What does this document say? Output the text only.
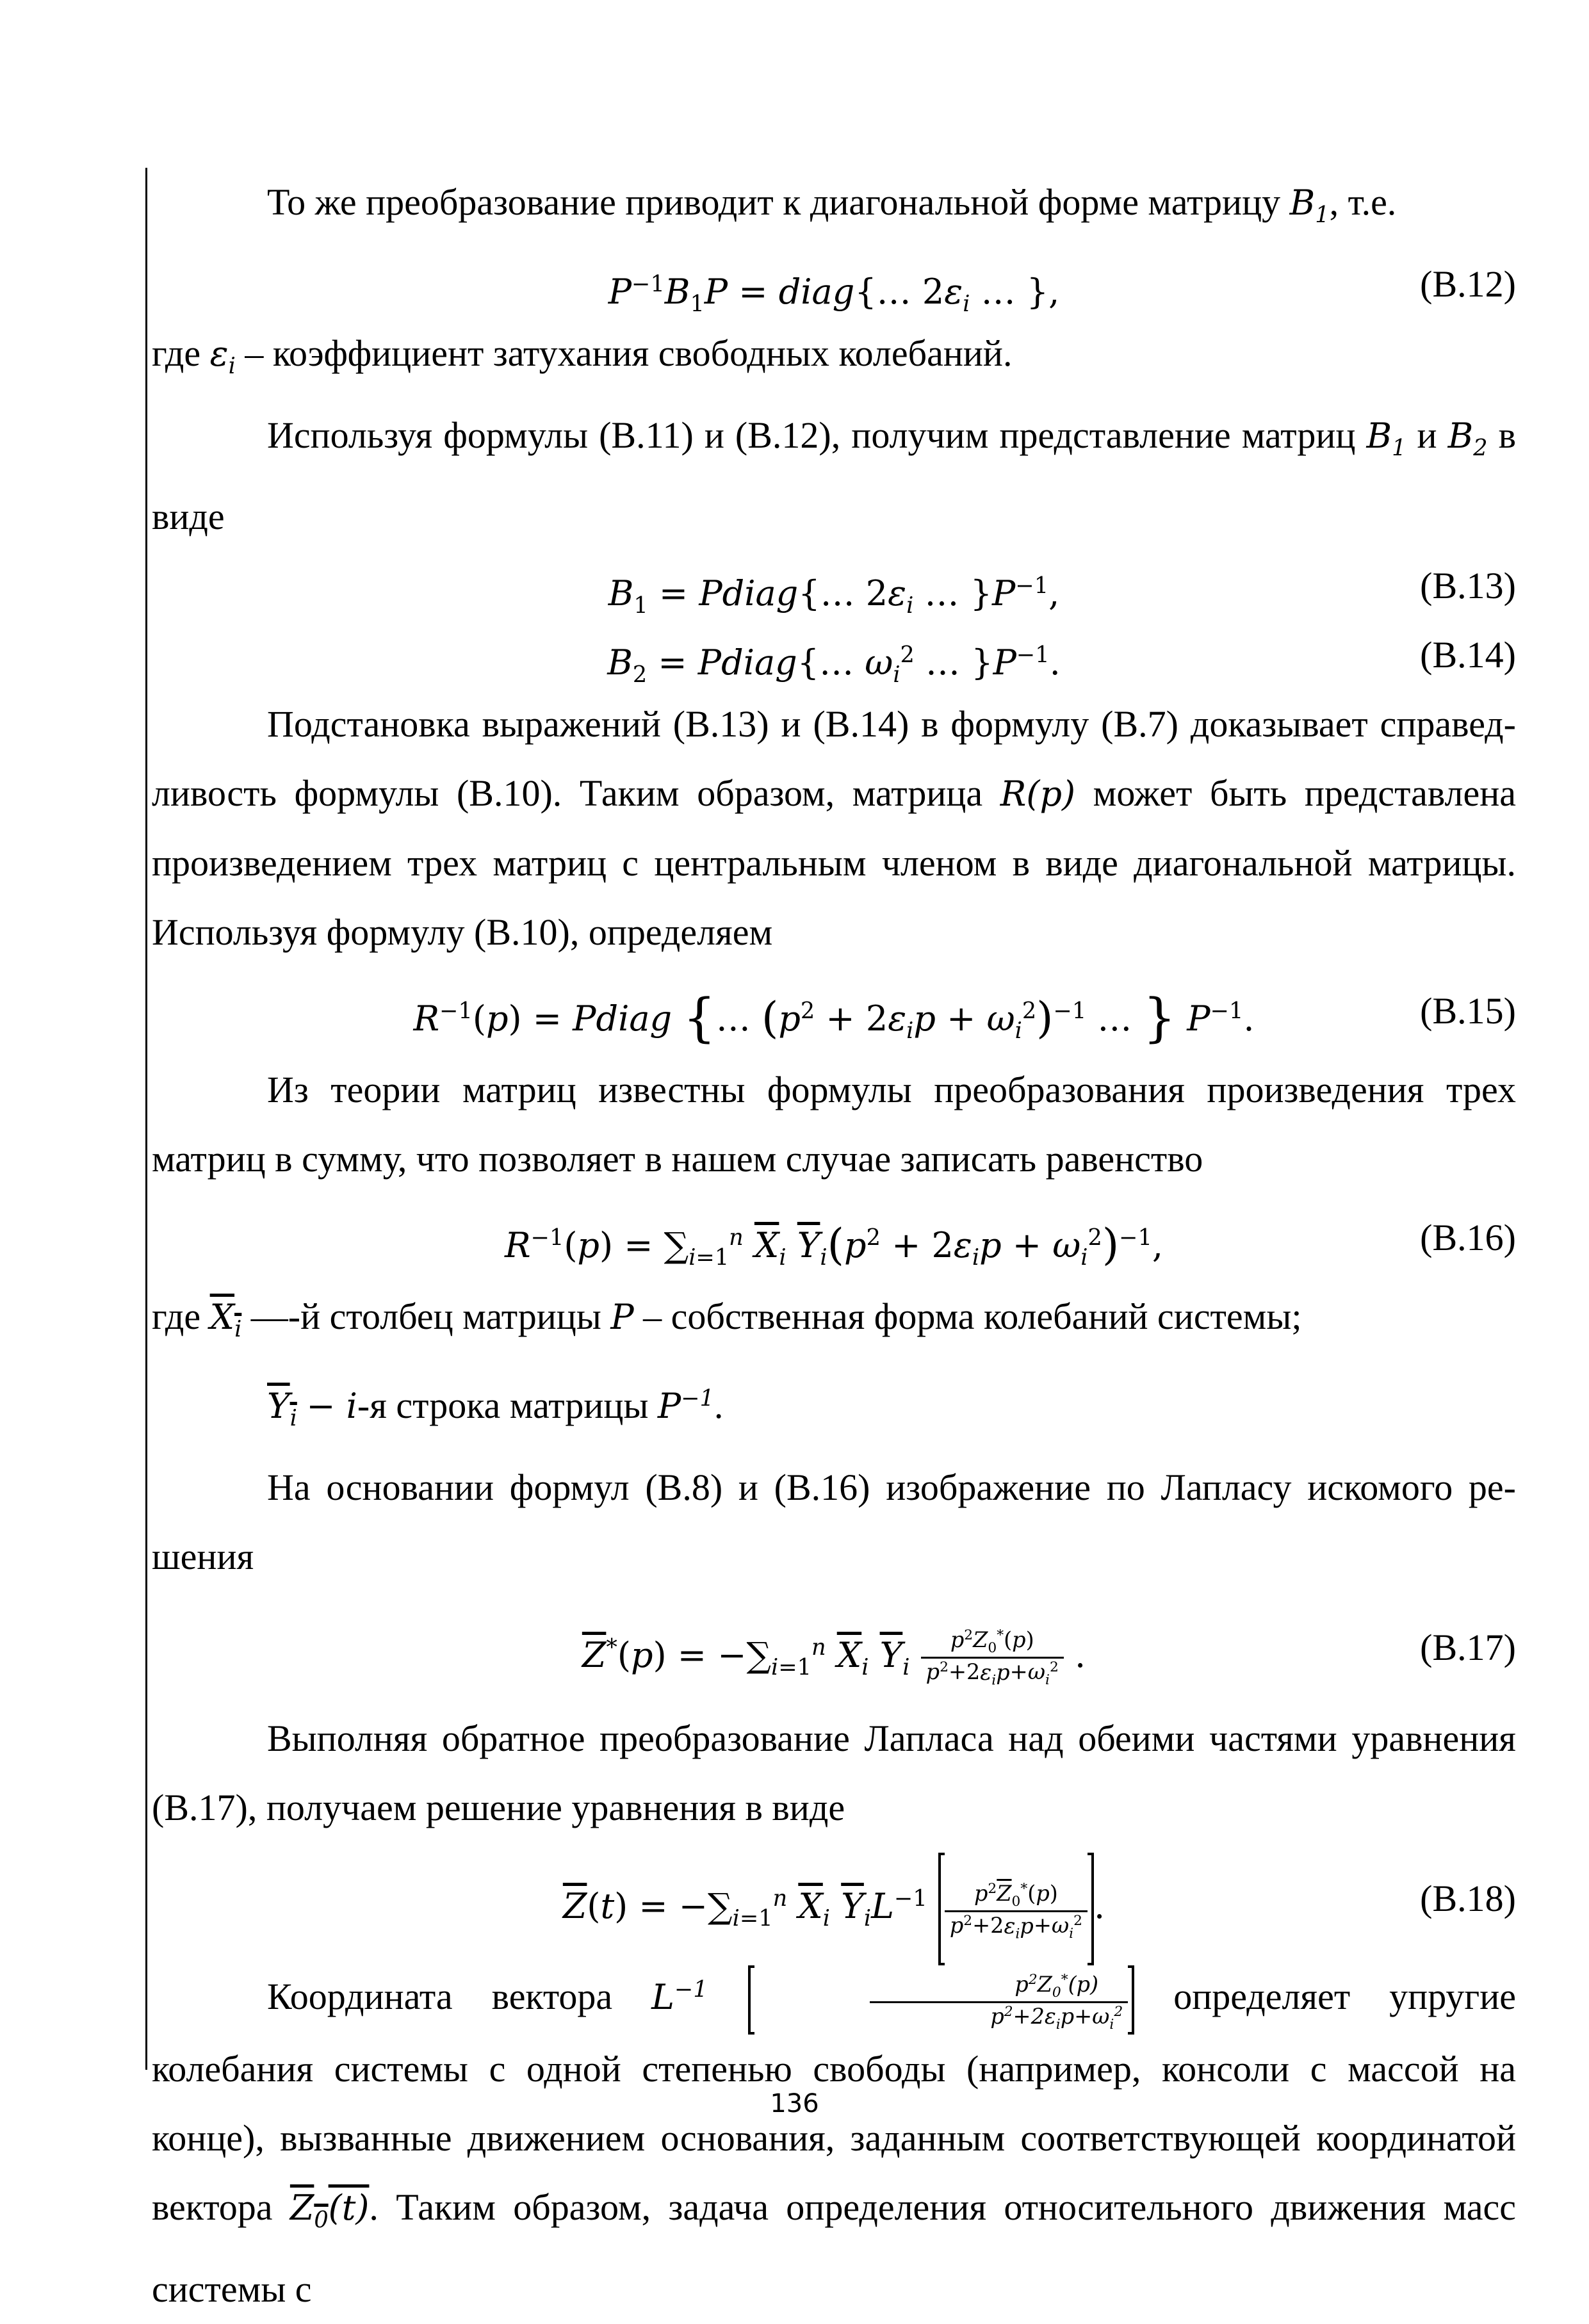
То же преобразование приводит к диагональной форме матрицу $B_1$, т.е.

$P^{-1}B_1P$ = diag{… $2\varepsilon_i$ … },	(В.12)

где $\varepsilon_i$ – коэффициент затухания свободных колебаний.

Используя формулы (В.11) и (В.12), получим представление матриц $B_1$ и $B_2$ в виде

$B_1$ = Pdiag{… $2\varepsilon_i$ … }$P^{-1}$,	(В.13)
$B_2$ = Pdiag{… $\omega_i^2$ … }$P^{-1}$.	(В.14)

Подстановка выражений (В.13) и (В.14) в формулу (В.7) доказывает справед-ливость формулы (В.10). Таким образом, матрица R(p) может быть представлена произведением трех матриц с центральным членом в виде диагональной матрицы. Используя формулу (В.10), определяем

$R^{-1}(p)$ = Pdiag {… $(p^2 + 2\varepsilon_ip + \omega_i^2)^{-1}$ … } $P^{-1}$.	(В.15)

Из теории матриц известны формулы преобразования произведения трех матриц в сумму, что позволяет в нашем случае записать равенство

$R^{-1}(p) = \sum_{i=1}^n$ $\overline{X}_i$ $\overline{Y}_i(p^2 + 2\varepsilon_ip + \omega_i^2)^{-1}$,	(В.16)

где $X_i$ —-й столбец матрицы P – собственная форма колебаний системы;

$Y_i - i-я$ строка матрицы $P^{-1}$.

На основании формул (В.8) и (В.16) изображение по Лапласу искомого ре-шения

$\overline{Z}^*(p) = -\sum_{i=1}^n$ $\overline{X}_i$ $\overline{Y}_i \frac{p^2Z_0^*(p)}{p^2+2\varepsilon_ip+\omega_i^2}$ .	(В.17)

Выполняя обратное преобразование Лапласа над обеими частями уравнения (В.17), получаем решение уравнения в виде

$\overline{Z}(t) = -\sum_{i=1}^n$ $\overline{X}_i$ $\overline{Y}_iL^{-1} \frac{p^2\overline{Z}_0^*(p)}{p^2+2\varepsilon_ip+\omega_i^2}$ .	(В.18)

Координата вектора $L^{-1}$	$\frac{p^2Z_0^*(p)}{p^2+2\varepsilon_ip+\omega_i^2}$ определяет упругие колебания системы с одной степенью свободы (например, консоли с массой на конце), вызванные движением основания, заданным соответствующей координатой вектора $Z_0(t)$. Таким образом, задача определения относительного движения масс системы с

136
